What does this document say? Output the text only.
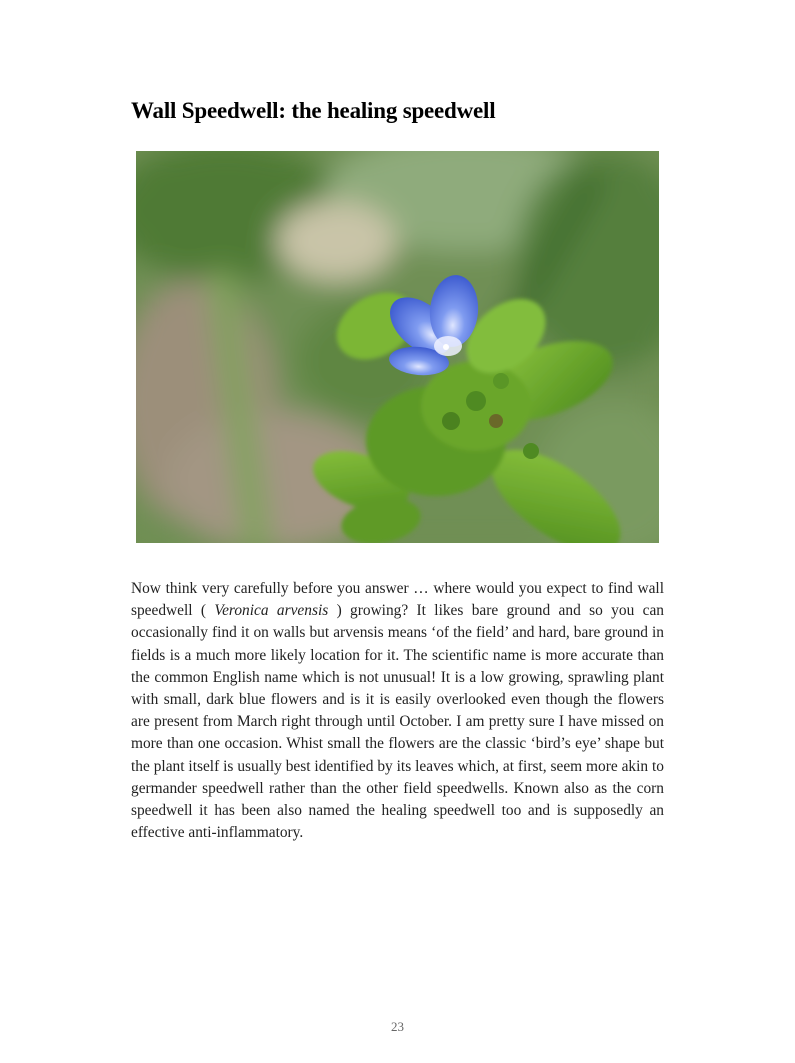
Wall Speedwell: the healing speedwell

Now think very carefully before you answer … where would you expect to find wall speedwell ( Veronica arvensis ) growing? It likes bare ground and so you can occasionally find it on walls but arvensis means ‘of the field’ and hard, bare ground in fields is a much more likely location for it. The scientific name is more accurate than the common English name which is not unusual! It is a low growing, sprawling plant with small, dark blue flowers and is it is easily overlooked even though the flowers are present from March right through until October. I am pretty sure I have missed on more than one occasion. Whist small the flowers are the classic ‘bird’s eye’ shape but the plant itself is usually best identified by its leaves which, at first, seem more akin to germander speedwell rather than the other field speedwells. Known also as the corn speedwell it has been also named the healing speedwell too and is supposedly an effective anti-inflammatory.

23
